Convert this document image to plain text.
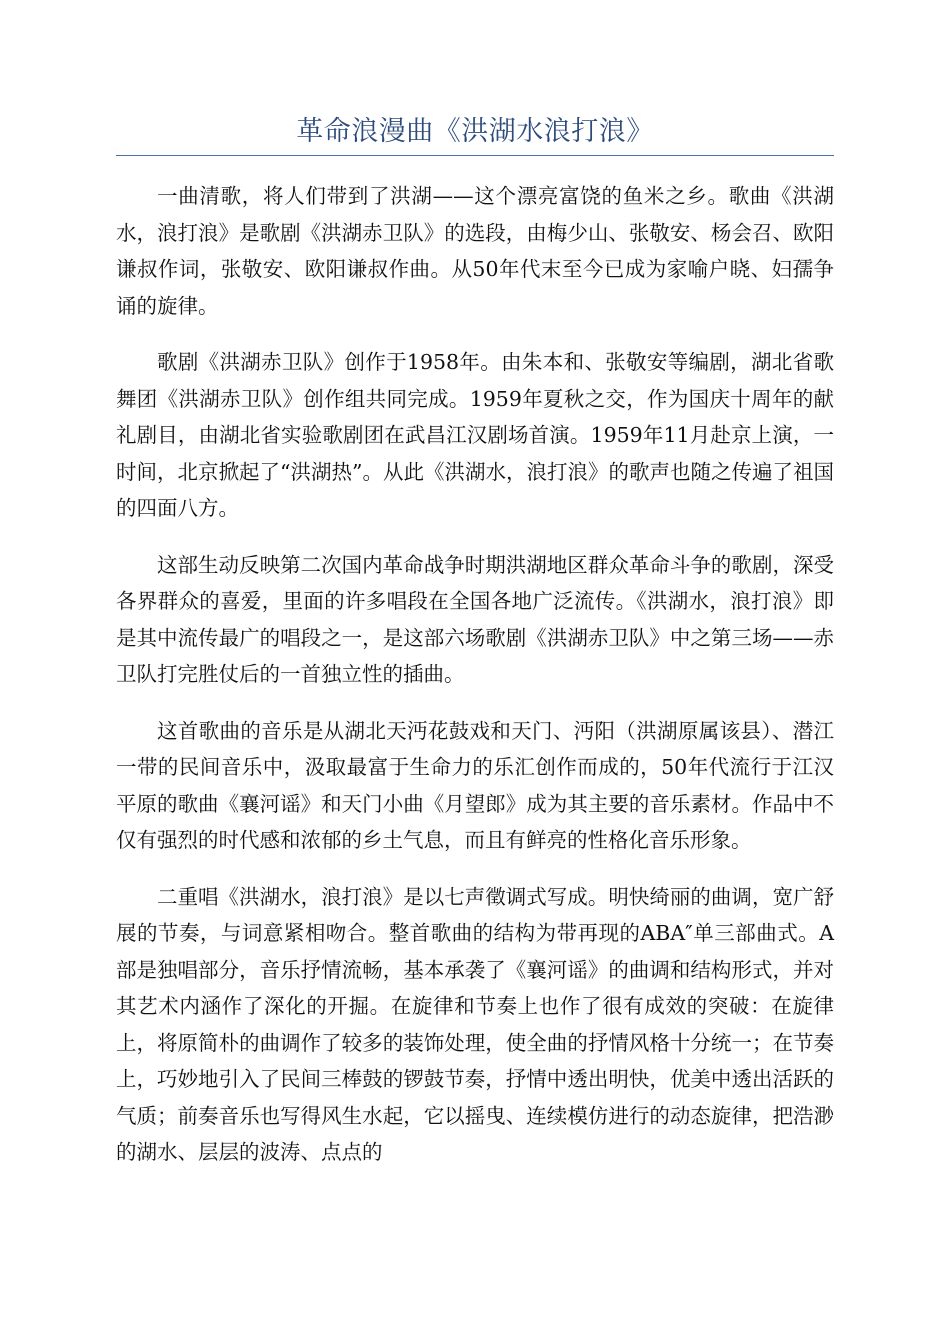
革命浪漫曲《洪湖水浪打浪》

一曲清歌，将人们带到了洪湖——这个漂亮富饶的鱼米之乡。歌曲《洪湖水，浪打浪》是歌剧《洪湖赤卫队》的选段，由梅少山、张敬安、杨会召、欧阳谦叔作词，张敬安、欧阳谦叔作曲。从50年代末至今已成为家喻户晓、妇孺争诵的旋律。

歌剧《洪湖赤卫队》创作于1958年。由朱本和、张敬安等编剧，湖北省歌舞团《洪湖赤卫队》创作组共同完成。1959年夏秋之交，作为国庆十周年的献礼剧目，由湖北省实验歌剧团在武昌江汉剧场首演。1959年11月赴京上演，一时间，北京掀起了“洪湖热”。从此《洪湖水，浪打浪》的歌声也随之传遍了祖国的四面八方。

这部生动反映第二次国内革命战争时期洪湖地区群众革命斗争的歌剧，深受各界群众的喜爱，里面的许多唱段在全国各地广泛流传。《洪湖水，浪打浪》即是其中流传最广的唱段之一，是这部六场歌剧《洪湖赤卫队》中之第三场——赤卫队打完胜仗后的一首独立性的插曲。

这首歌曲的音乐是从湖北天沔花鼓戏和天门、沔阳（洪湖原属该县）、潜江一带的民间音乐中，汲取最富于生命力的乐汇创作而成的，50年代流行于江汉平原的歌曲《襄河谣》和天门小曲《月望郎》成为其主要的音乐素材。作品中不仅有强烈的时代感和浓郁的乡土气息，而且有鲜亮的性格化音乐形象。

二重唱《洪湖水，浪打浪》是以七声徵调式写成。明快绮丽的曲调，宽广舒展的节奏，与词意紧相吻合。整首歌曲的结构为带再现的ABA″单三部曲式。A部是独唱部分，音乐抒情流畅，基本承袭了《襄河谣》的曲调和结构形式，并对其艺术内涵作了深化的开掘。在旋律和节奏上也作了很有成效的突破：在旋律上，将原简朴的曲调作了较多的装饰处理，使全曲的抒情风格十分统一；在节奏上，巧妙地引入了民间三棒鼓的锣鼓节奏，抒情中透出明快，优美中透出活跃的气质；前奏音乐也写得风生水起，它以摇曳、连续模仿进行的动态旋律，把浩渺的湖水、层层的波涛、点点的
